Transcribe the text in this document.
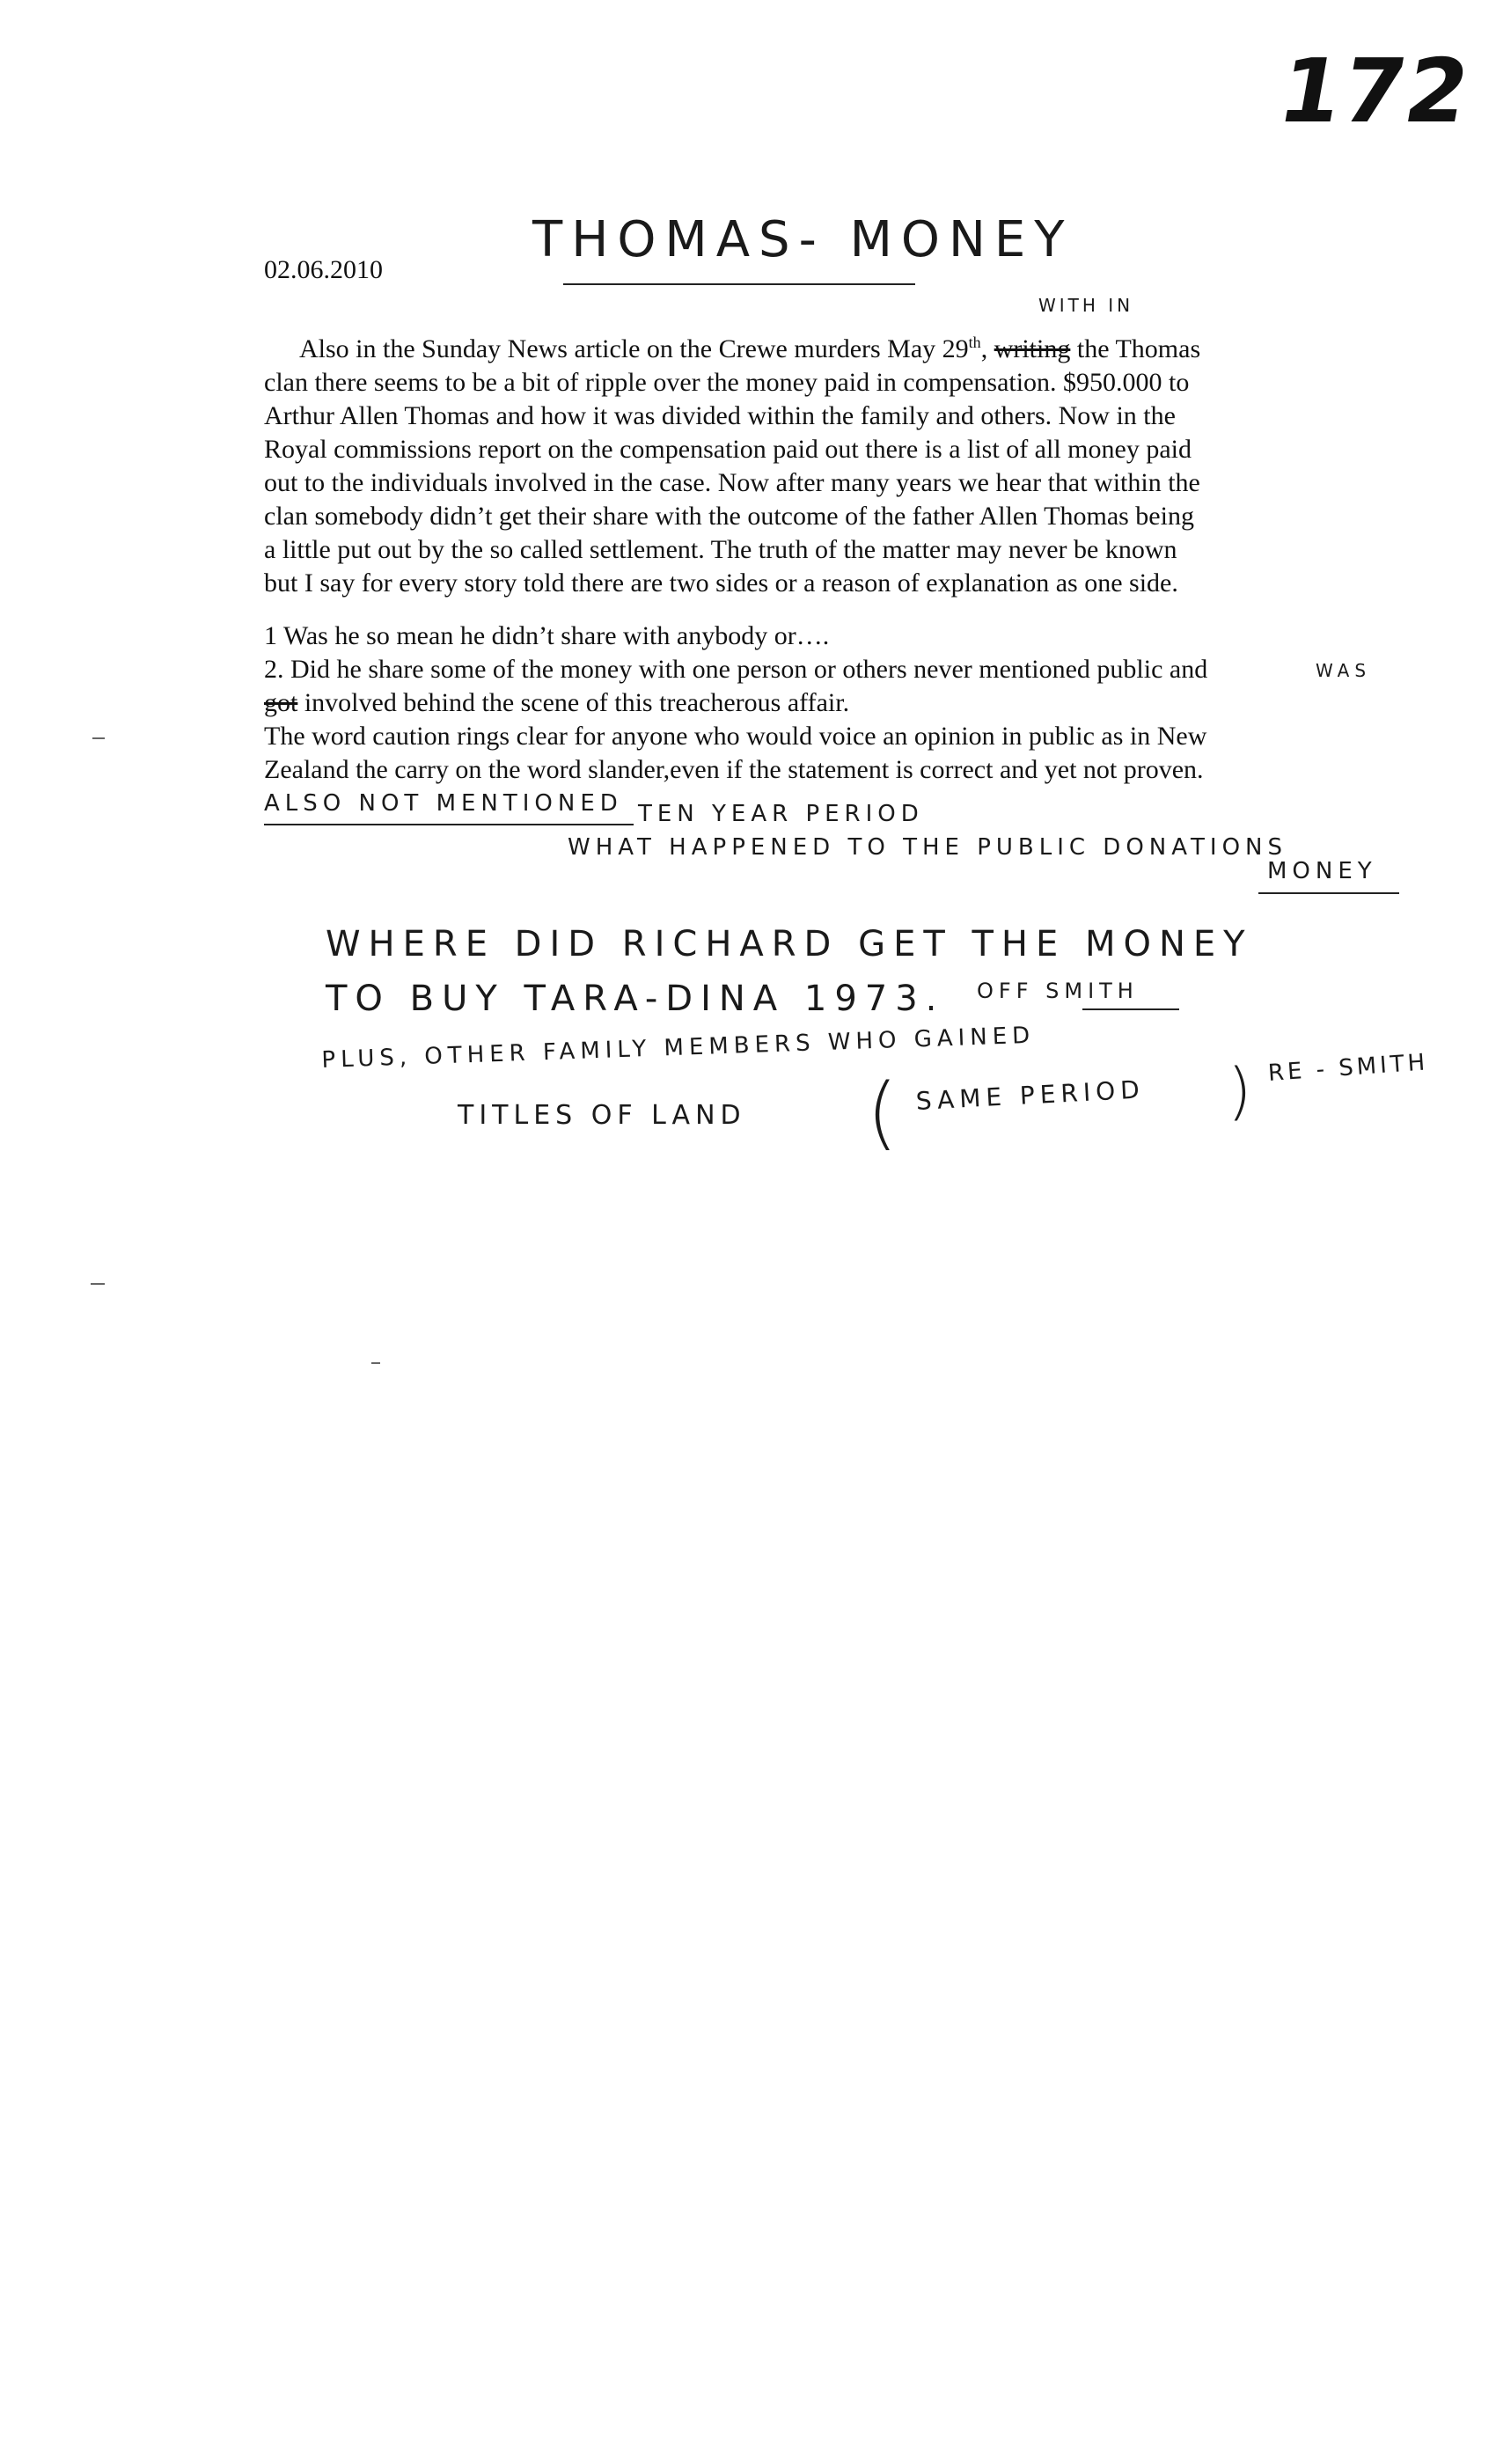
172
02.06.2010
THOMAS- MONEY
WITH IN
Also in the Sunday News article on the Crewe murders May 29th, writing the Thomas
clan there seems to be a bit of ripple over the money paid in compensation. $950.000 to
Arthur Allen Thomas and how it was divided within the family and others. Now in the
Royal commissions report on the compensation paid out there is a list of all money paid
out to the individuals involved in the case. Now after many years we hear that within the
clan somebody didn’t get their share with the outcome of the father Allen Thomas being
a little put out by the so called settlement. The truth of the matter may never be known
but I say for every story told there are two sides or a reason of explanation as one side.
1 Was he so mean he didn’t share with anybody or….
2. Did he share some of the money with one person or others never mentioned public and
got involved behind the scene of this treacherous affair.
The word caution rings clear for anyone who would voice an opinion in public as in New
Zealand the carry on the word slander,even if the statement is correct and yet not proven.
WAS
ALSO NOT MENTIONED TEN YEAR PERIOD
WHAT HAPPENED TO THE PUBLIC DONATIONS
MONEY
WHERE DID RICHARD GET THE MONEY
TO BUY TARA-DINA 1973. OFF SMITH
PLUS, OTHER FAMILY MEMBERS WHO GAINED
TITLES OF LAND ( SAME PERIOD ) RE - SMITH
